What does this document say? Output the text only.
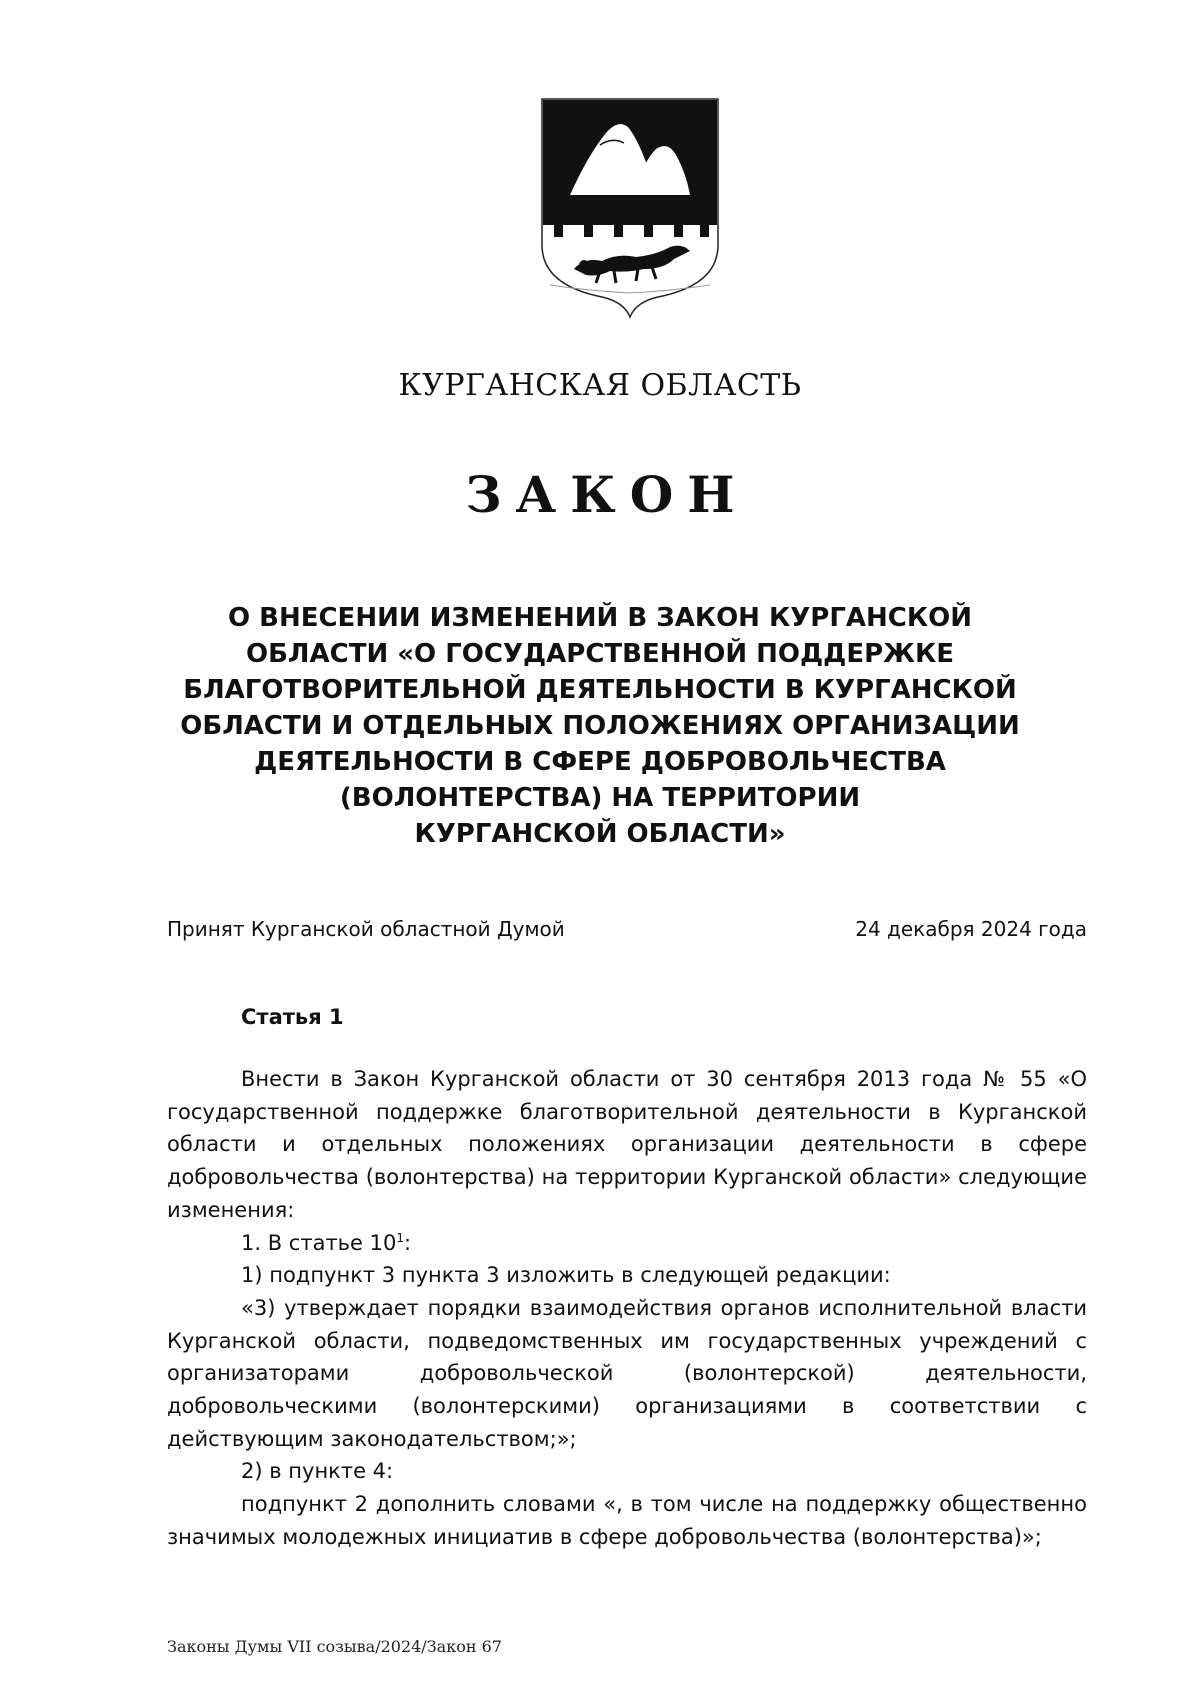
КУРГАНСКАЯ ОБЛАСТЬ
ЗАКОН
О ВНЕСЕНИИ ИЗМЕНЕНИЙ В ЗАКОН КУРГАНСКОЙ
ОБЛАСТИ «О ГОСУДАРСТВЕННОЙ ПОДДЕРЖКЕ
БЛАГОТВОРИТЕЛЬНОЙ ДЕЯТЕЛЬНОСТИ В КУРГАНСКОЙ
ОБЛАСТИ И ОТДЕЛЬНЫХ ПОЛОЖЕНИЯХ ОРГАНИЗАЦИИ
ДЕЯТЕЛЬНОСТИ В СФЕРЕ ДОБРОВОЛЬЧЕСТВА
(ВОЛОНТЕРСТВА) НА ТЕРРИТОРИИ
КУРГАНСКОЙ ОБЛАСТИ»
Принят Курганской областной Думой	24 декабря 2024 года
Статья 1

Внести в Закон Курганской области от 30 сентября 2013 года № 55 «О государственной поддержке благотворительной деятельности в Курганской области и отдельных положениях организации деятельности в сфере добровольчества (волонтерства) на территории Курганской области» следующие изменения:

1. В статье $10^1$:

1) подпункт 3 пункта 3 изложить в следующей редакции:

«3) утверждает порядки взаимодействия органов исполнительной власти Курганской области, подведомственных им государственных учреждений с организаторами добровольческой (волонтерской) деятельности, добровольческими (волонтерскими) организациями в соответствии с действующим законодательством;»;

2) в пункте 4:

подпункт 2 дополнить словами «, в том числе на поддержку общественно значимых молодежных инициатив в сфере добровольчества (волонтерства)»;

Законы Думы VII созыва/2024/Закон 67
